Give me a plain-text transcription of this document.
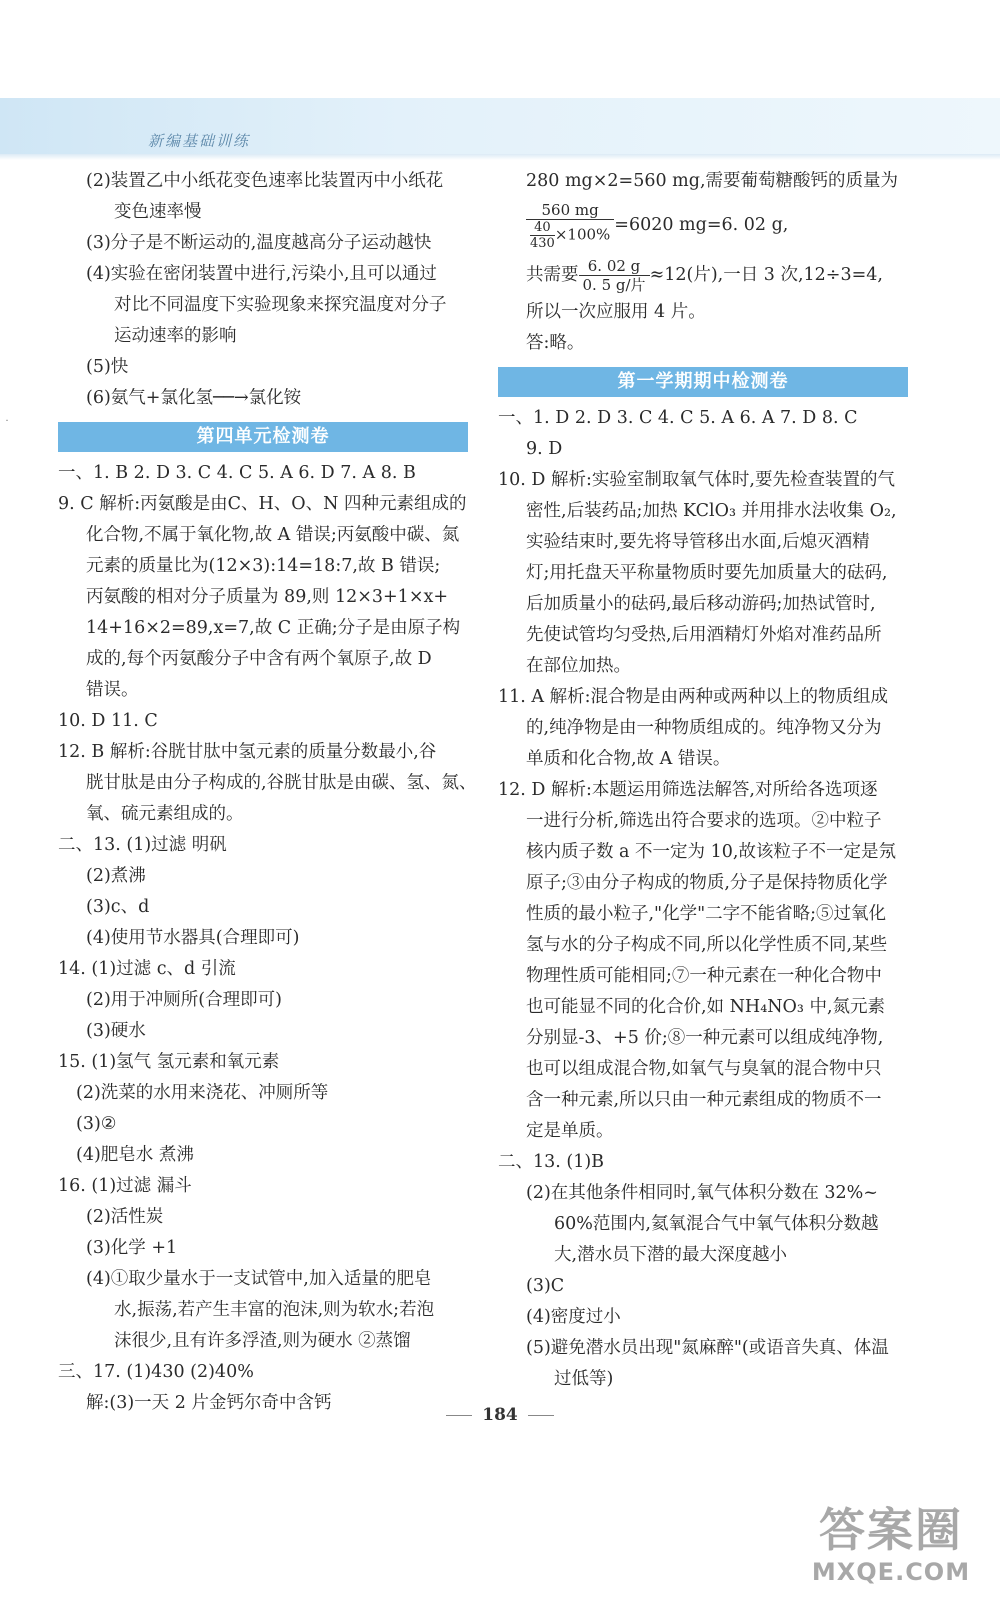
新编基础训练
˙
(2)装置乙中小纸花变色速率比装置丙中小纸花
变色速率慢
(3)分子是不断运动的,温度越高分子运动越快
(4)实验在密闭装置中进行,污染小,且可以通过
对比不同温度下实验现象来探究温度对分子
运动速率的影响
(5)快
(6)氨气+氯化氢──→氯化铵
第四单元检测卷
一、1. B 2. D 3. C 4. C 5. A 6. D 7. A 8. B
9. C 解析:丙氨酸是由C、H、O、N 四种元素组成的
化合物,不属于氧化物,故 A 错误;丙氨酸中碳、氮
元素的质量比为(12×3):14=18:7,故 B 错误;
丙氨酸的相对分子质量为 89,则 12×3+1×x+
14+16×2=89,x=7,故 C 正确;分子是由原子构
成的,每个丙氨酸分子中含有两个氧原子,故 D
错误。
10. D 11. C
12. B 解析:谷胱甘肽中氢元素的质量分数最小,谷
胱甘肽是由分子构成的,谷胱甘肽是由碳、氢、氮、
氧、硫元素组成的。
二、13. (1)过滤 明矾
(2)煮沸
(3)c、d
(4)使用节水器具(合理即可)
14. (1)过滤 c、d 引流
(2)用于冲厕所(合理即可)
(3)硬水
15. (1)氢气 氢元素和氧元素
(2)洗菜的水用来浇花、冲厕所等
(3)②
(4)肥皂水 煮沸
16. (1)过滤 漏斗
(2)活性炭
(3)化学 +1
(4)①取少量水于一支试管中,加入适量的肥皂
水,振荡,若产生丰富的泡沫,则为软水;若泡
沫很少,且有许多浮渣,则为硬水 ②蒸馏
三、17. (1)430 (2)40%
解:(3)一天 2 片金钙尔奇中含钙
280 mg×2=560 mg,需要葡萄糖酸钙的质量为
$\frac{560 mg}{\frac{40}{430}\times 100\%} =6020$ mg=6. 02 g,
共需要 $\frac{6. 02 g}{\text{0. 5 g/片}} \approx 12$(片),一日 3 次,12÷3=4,
所以一次应服用 4 片。
答:略。
第一学期期中检测卷
一、1. D 2. D 3. C 4. C 5. A 6. A 7. D 8. C
9. D
10. D 解析:实验室制取氧气体时,要先检查装置的气
密性,后装药品;加热 KClO₃ 并用排水法收集 O₂,
实验结束时,要先将导管移出水面,后熄灭酒精
灯;用托盘天平称量物质时要先加质量大的砝码,
后加质量小的砝码,最后移动游码;加热试管时,
先使试管均匀受热,后用酒精灯外焰对准药品所
在部位加热。
11. A 解析:混合物是由两种或两种以上的物质组成
的,纯净物是由一种物质组成的。纯净物又分为
单质和化合物,故 A 错误。
12. D 解析:本题运用筛选法解答,对所给各选项逐
一进行分析,筛选出符合要求的选项。②中粒子
核内质子数 a 不一定为 10,故该粒子不一定是氖
原子;③由分子构成的物质,分子是保持物质化学
性质的最小粒子,"化学"二字不能省略;⑤过氧化
氢与水的分子构成不同,所以化学性质不同,某些
物理性质可能相同;⑦一种元素在一种化合物中
也可能显不同的化合价,如 NH₄NO₃ 中,氮元素
分别显-3、+5 价;⑧一种元素可以组成纯净物,
也可以组成混合物,如氧气与臭氧的混合物中只
含一种元素,所以只由一种元素组成的物质不一
定是单质。
二、13. (1)B
(2)在其他条件相同时,氧气体积分数在 32%~
60%范围内,氦氧混合气中氧气体积分数越
大,潜水员下潜的最大深度越小
(3)C
(4)密度过小
(5)避免潜水员出现"氮麻醉"(或语音失真、体温
过低等)
184
答案圈
MXQE.COM
